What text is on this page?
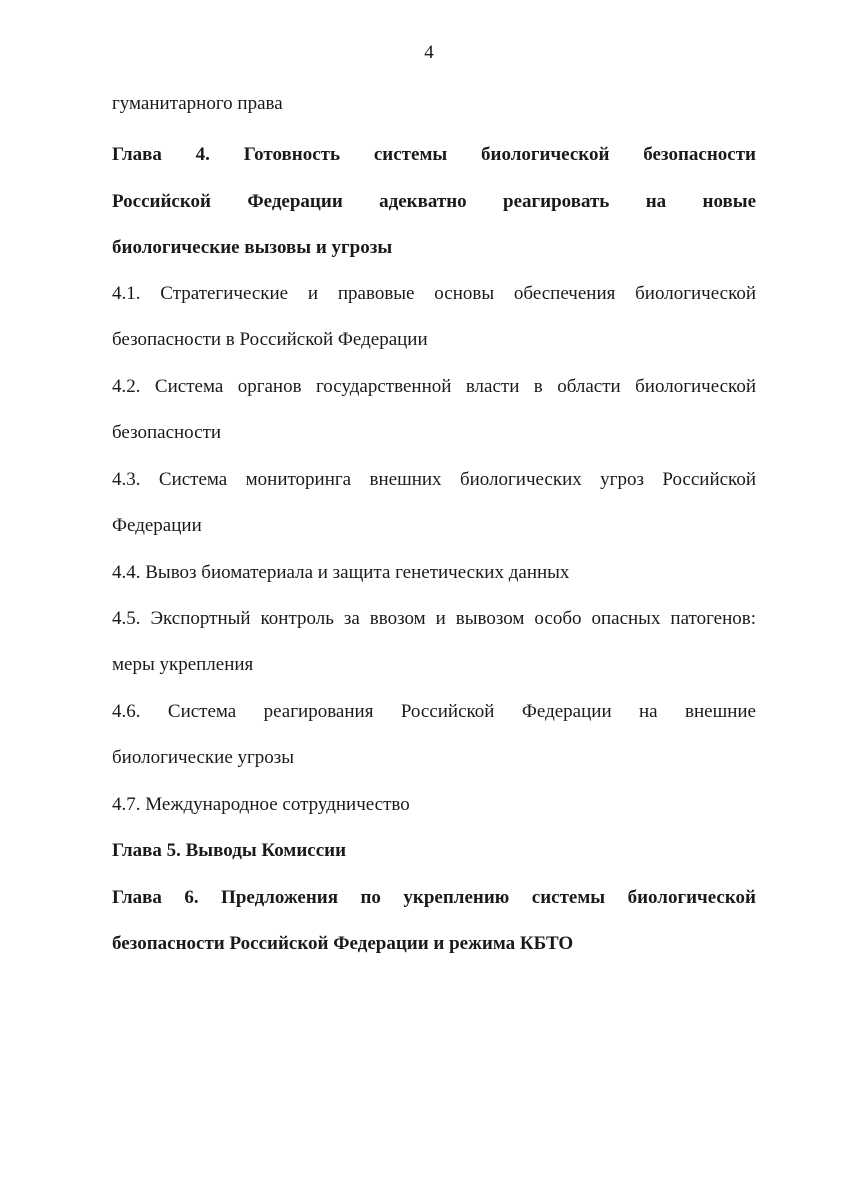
4
гуманитарного права
Глава 4. Готовность системы биологической безопасности
Российской Федерации адекватно реагировать на новые
биологические вызовы и угрозы
4.1. Стратегические и правовые основы обеспечения биологической
безопасности в Российской Федерации
4.2. Система органов государственной власти в области биологической
безопасности
4.3. Система мониторинга внешних биологических угроз Российской
Федерации
4.4. Вывоз биоматериала и защита генетических данных
4.5. Экспортный контроль за ввозом и вывозом особо опасных патогенов:
меры укрепления
4.6. Система реагирования Российской Федерации на внешние
биологические угрозы
4.7. Международное сотрудничество
Глава 5. Выводы Комиссии
Глава 6. Предложения по укреплению системы биологической
безопасности Российской Федерации и режима КБТО
